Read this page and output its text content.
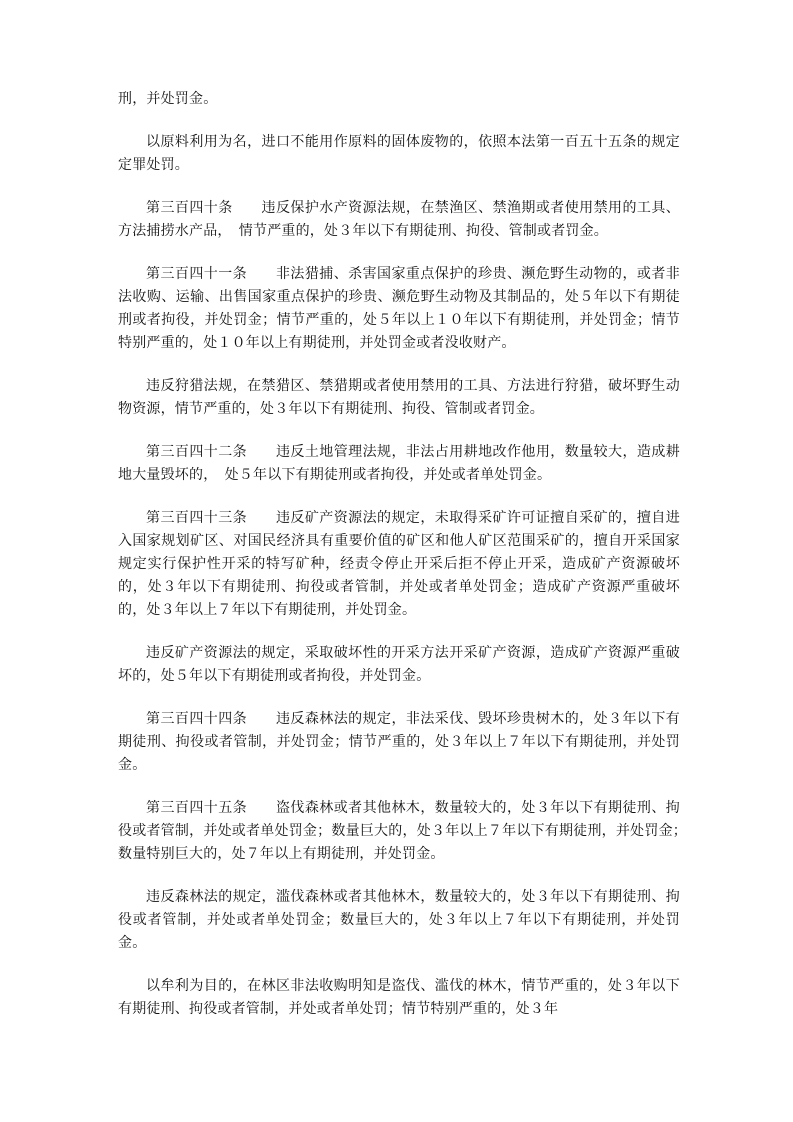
刑，并处罚金。

以原料利用为名，进口不能用作原料的固体废物的，依照本法第一百五十五条的规定定罪处罚。

第三百四十条　　违反保护水产资源法规，在禁渔区、禁渔期或者使用禁用的工具、方法捕捞水产品，　情节严重的，处３年以下有期徒刑、拘役、管制或者罚金。

第三百四十一条　　非法猎捕、杀害国家重点保护的珍贵、濒危野生动物的，或者非法收购、运输、出售国家重点保护的珍贵、濒危野生动物及其制品的，处５年以下有期徒刑或者拘役，并处罚金；情节严重的，处５年以上１０年以下有期徒刑，并处罚金；情节特别严重的，处１０年以上有期徒刑，并处罚金或者没收财产。

违反狩猎法规，在禁猎区、禁猎期或者使用禁用的工具、方法进行狩猎，破坏野生动物资源，情节严重的，处３年以下有期徒刑、拘役、管制或者罚金。

第三百四十二条　　违反土地管理法规，非法占用耕地改作他用，数量较大，造成耕地大量毁坏的，　处５年以下有期徒刑或者拘役，并处或者单处罚金。

第三百四十三条　　违反矿产资源法的规定，未取得采矿许可证擅自采矿的，擅自进入国家规划矿区、对国民经济具有重要价值的矿区和他人矿区范围采矿的，擅自开采国家规定实行保护性开采的特写矿种，经责令停止开采后拒不停止开采，造成矿产资源破坏的，处３年以下有期徒刑、拘役或者管制，并处或者单处罚金；造成矿产资源严重破坏的，处３年以上７年以下有期徒刑，并处罚金。

违反矿产资源法的规定，采取破坏性的开采方法开采矿产资源，造成矿产资源严重破坏的，处５年以下有期徒刑或者拘役，并处罚金。

第三百四十四条　　违反森林法的规定，非法采伐、毁坏珍贵树木的，处３年以下有期徒刑、拘役或者管制，并处罚金；情节严重的，处３年以上７年以下有期徒刑，并处罚金。

第三百四十五条　　盗伐森林或者其他林木，数量较大的，处３年以下有期徒刑、拘役或者管制，并处或者单处罚金；数量巨大的，处３年以上７年以下有期徒刑，并处罚金；　数量特别巨大的，处７年以上有期徒刑，并处罚金。

违反森林法的规定，滥伐森林或者其他林木，数量较大的，处３年以下有期徒刑、拘役或者管制，并处或者单处罚金；数量巨大的，处３年以上７年以下有期徒刑，并处罚金。

以牟利为目的，在林区非法收购明知是盗伐、滥伐的林木，情节严重的，处３年以下有期徒刑、拘役或者管制，并处或者单处罚；情节特别严重的，处３年
